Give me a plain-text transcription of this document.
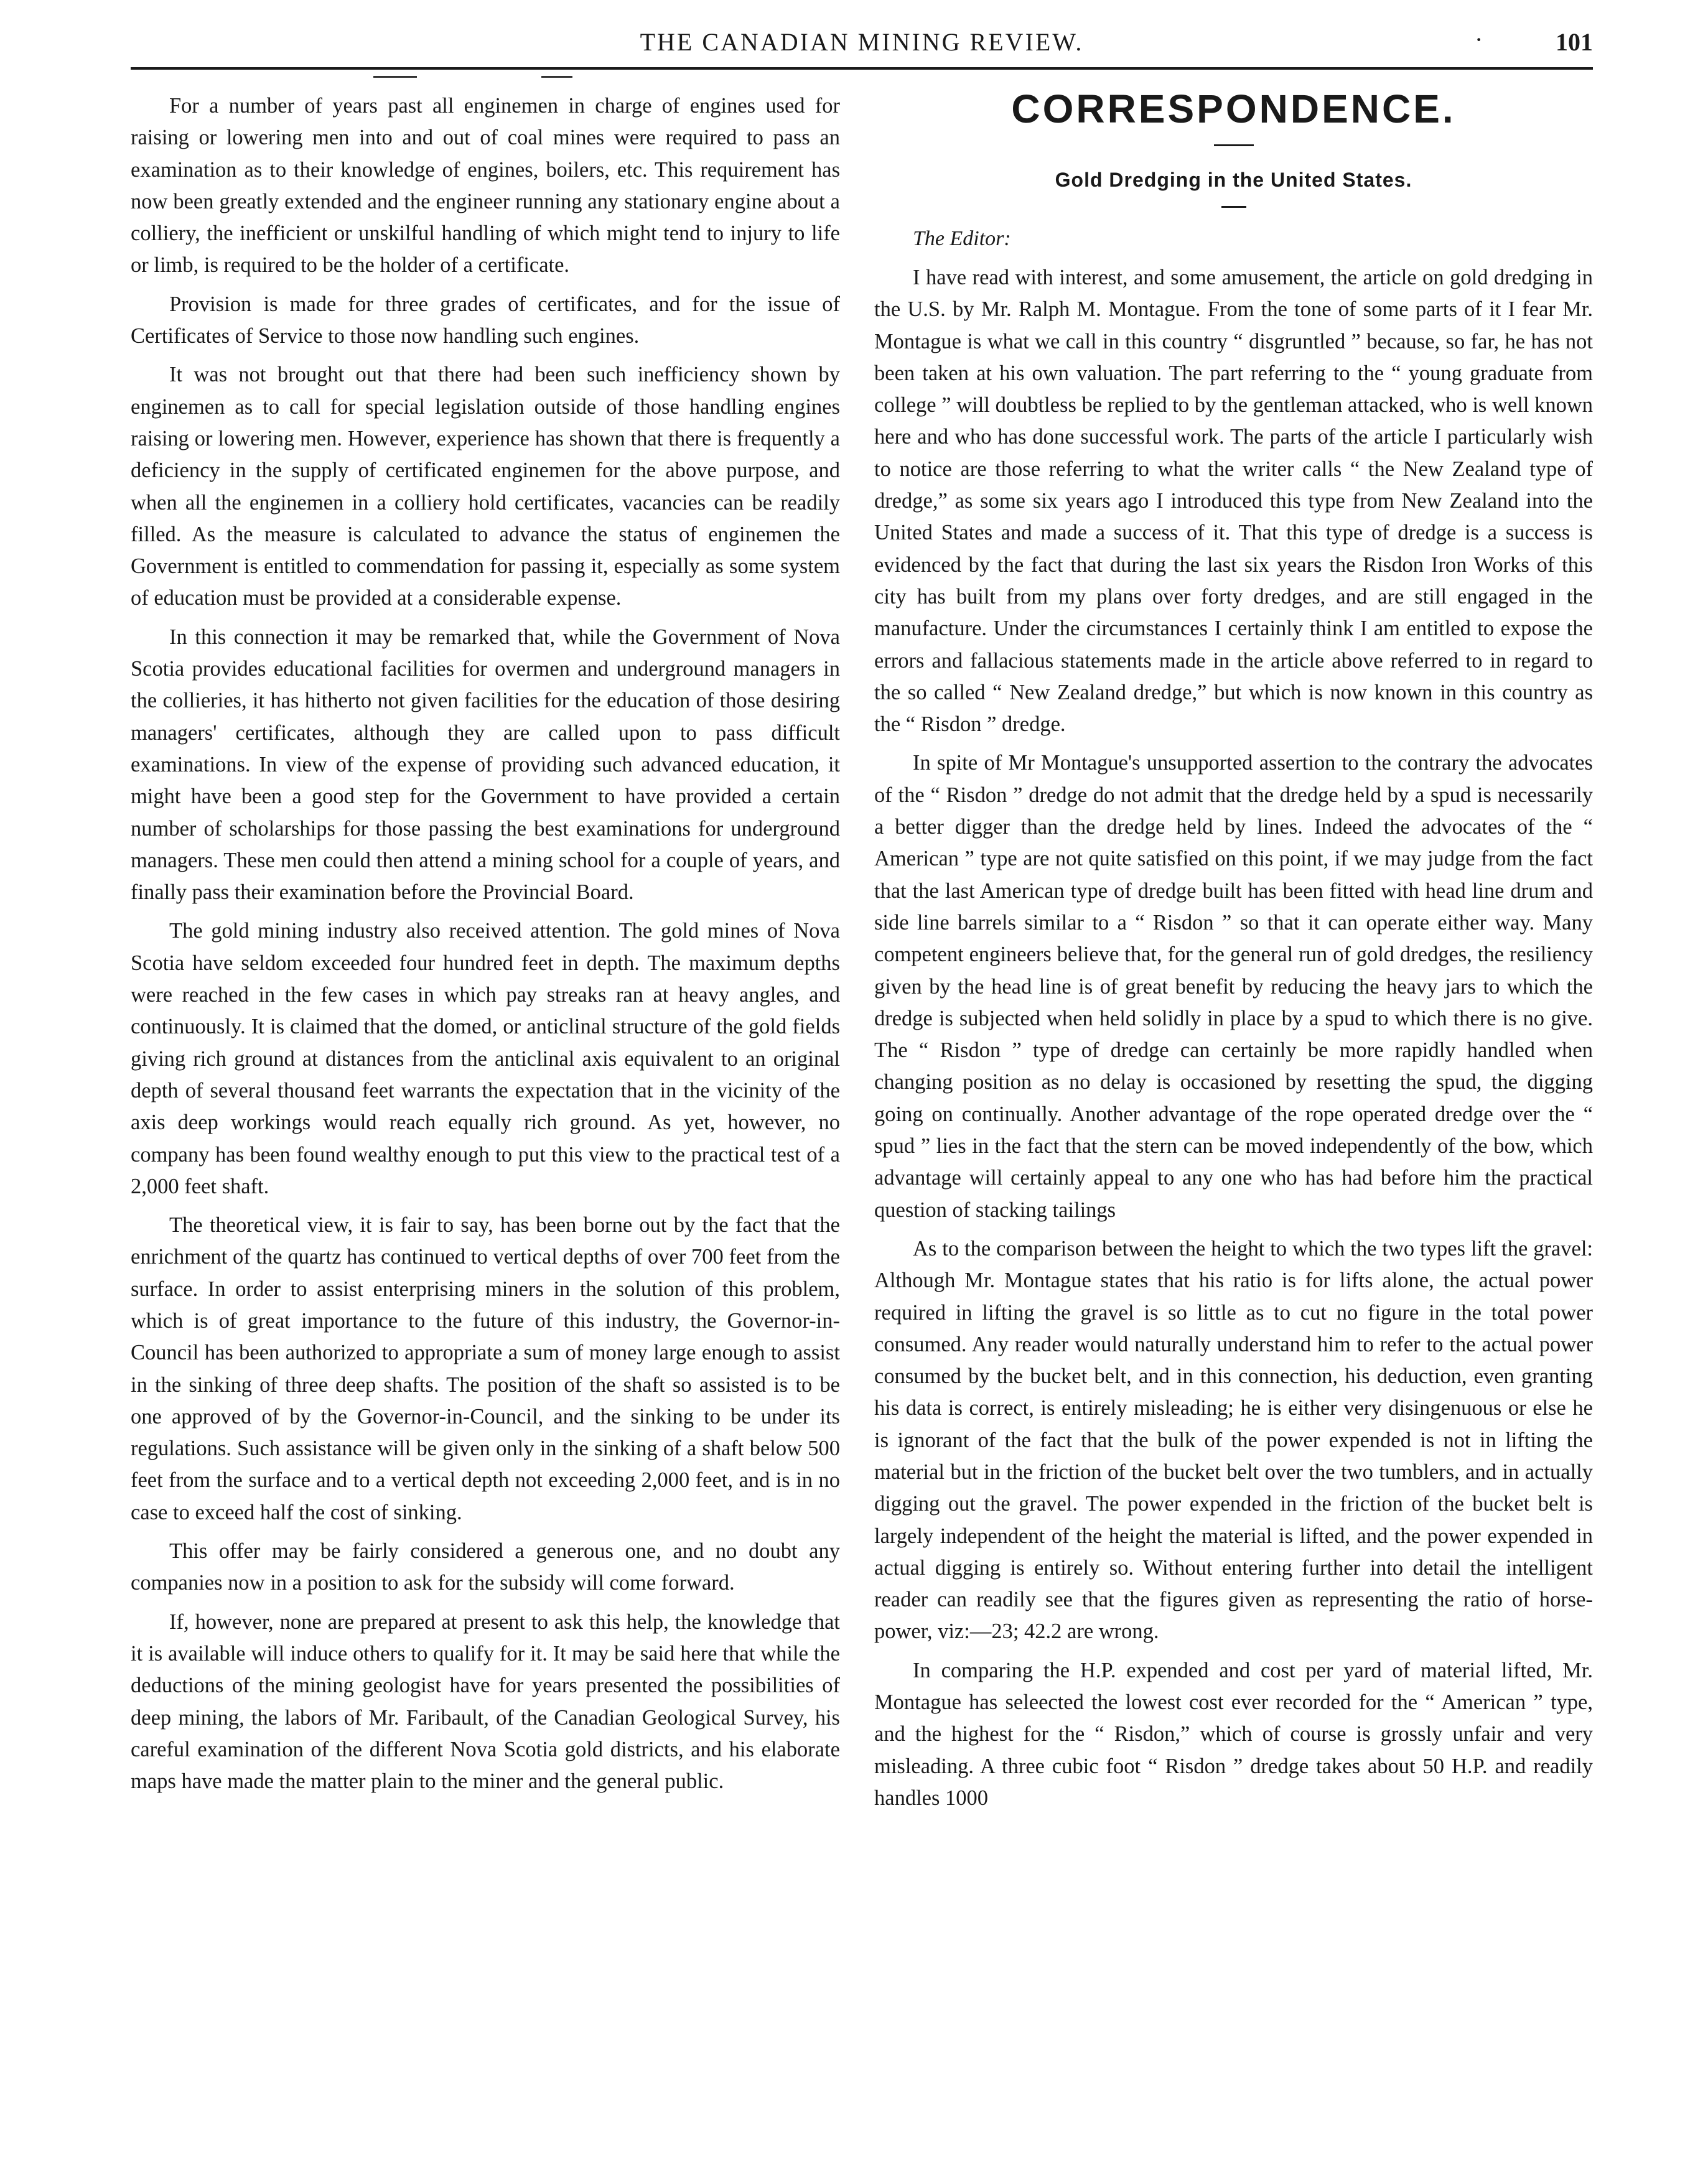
THE CANADIAN MINING REVIEW.	·	101

For a number of years past all enginemen in charge of engines used for raising or lowering men into and out of coal mines were required to pass an examination as to their knowledge of engines, boilers, etc. This requirement has now been greatly extended and the engineer running any stationary engine about a colliery, the inefficient or unskilful handling of which might tend to injury to life or limb, is required to be the holder of a certificate.

Provision is made for three grades of certificates, and for the issue of Certificates of Service to those now handling such engines.

It was not brought out that there had been such inefficiency shown by enginemen as to call for special legislation outside of those handling engines raising or lowering men. However, experience has shown that there is frequently a deficiency in the supply of certificated enginemen for the above purpose, and when all the enginemen in a colliery hold certificates, vacancies can be readily filled. As the measure is calculated to advance the status of enginemen the Government is entitled to commendation for passing it, especially as some system of education must be provided at a considerable expense.

In this connection it may be remarked that, while the Government of Nova Scotia provides educational facilities for overmen and underground managers in the collieries, it has hitherto not given facilities for the education of those desiring managers' certificates, although they are called upon to pass difficult examinations. In view of the expense of providing such advanced education, it might have been a good step for the Government to have provided a certain number of scholarships for those passing the best examinations for underground managers. These men could then attend a mining school for a couple of years, and finally pass their examination before the Provincial Board.

The gold mining industry also received attention. The gold mines of Nova Scotia have seldom exceeded four hundred feet in depth. The maximum depths were reached in the few cases in which pay streaks ran at heavy angles, and continuously. It is claimed that the domed, or anticlinal structure of the gold fields giving rich ground at distances from the anticlinal axis equivalent to an original depth of several thousand feet warrants the expectation that in the vicinity of the axis deep workings would reach equally rich ground. As yet, however, no company has been found wealthy enough to put this view to the practical test of a 2,000 feet shaft.

The theoretical view, it is fair to say, has been borne out by the fact that the enrichment of the quartz has continued to vertical depths of over 700 feet from the surface. In order to assist enterprising miners in the solution of this problem, which is of great importance to the future of this industry, the Governor-in-Council has been authorized to appropriate a sum of money large enough to assist in the sinking of three deep shafts. The position of the shaft so assisted is to be one approved of by the Governor-in-Council, and the sinking to be under its regulations. Such assistance will be given only in the sinking of a shaft below 500 feet from the surface and to a vertical depth not exceeding 2,000 feet, and is in no case to exceed half the cost of sinking.

This offer may be fairly considered a generous one, and no doubt any companies now in a position to ask for the subsidy will come forward.

If, however, none are prepared at present to ask this help, the knowledge that it is available will induce others to qualify for it. It may be said here that while the deductions of the mining geologist have for years presented the possibilities of deep mining, the labors of Mr. Faribault, of the Canadian Geological Survey, his careful examination of the different Nova Scotia gold districts, and his elaborate maps have made the matter plain to the miner and the general public.

CORRESPONDENCE.
Gold Dredging in the United States.

The Editor:

I have read with interest, and some amusement, the article on gold dredging in the U.S. by Mr. Ralph M. Montague. From the tone of some parts of it I fear Mr. Montague is what we call in this country “ disgruntled ” because, so far, he has not been taken at his own valuation. The part referring to the “ young graduate from college ” will doubtless be replied to by the gentleman attacked, who is well known here and who has done successful work. The parts of the article I particularly wish to notice are those referring to what the writer calls “ the New Zealand type of dredge,” as some six years ago I introduced this type from New Zealand into the United States and made a success of it. That this type of dredge is a success is evidenced by the fact that during the last six years the Risdon Iron Works of this city has built from my plans over forty dredges, and are still engaged in the manufacture. Under the circumstances I certainly think I am entitled to expose the errors and fallacious statements made in the article above referred to in regard to the so called “ New Zealand dredge,” but which is now known in this country as the “ Risdon ” dredge.

In spite of Mr Montague's unsupported assertion to the contrary the advocates of the “ Risdon ” dredge do not admit that the dredge held by a spud is necessarily a better digger than the dredge held by lines. Indeed the advocates of the “ American ” type are not quite satisfied on this point, if we may judge from the fact that the last American type of dredge built has been fitted with head line drum and side line barrels similar to a “ Risdon ” so that it can operate either way. Many competent engineers believe that, for the general run of gold dredges, the resiliency given by the head line is of great benefit by reducing the heavy jars to which the dredge is subjected when held solidly in place by a spud to which there is no give. The “ Risdon ” type of dredge can certainly be more rapidly handled when changing position as no delay is occasioned by resetting the spud, the digging going on continually. Another advantage of the rope operated dredge over the “ spud ” lies in the fact that the stern can be moved independently of the bow, which advantage will certainly appeal to any one who has had before him the practical question of stacking tailings

As to the comparison between the height to which the two types lift the gravel: Although Mr. Montague states that his ratio is for lifts alone, the actual power required in lifting the gravel is so little as to cut no figure in the total power consumed. Any reader would naturally understand him to refer to the actual power consumed by the bucket belt, and in this connection, his deduction, even granting his data is correct, is entirely misleading; he is either very disingenuous or else he is ignorant of the fact that the bulk of the power expended is not in lifting the material but in the friction of the bucket belt over the two tumblers, and in actually digging out the gravel. The power expended in the friction of the bucket belt is largely independent of the height the material is lifted, and the power expended in actual digging is entirely so. Without entering further into detail the intelligent reader can readily see that the figures given as representing the ratio of horse-power, viz:—23; 42.2 are wrong.

In comparing the H.P. expended and cost per yard of material lifted, Mr. Montague has seleected the lowest cost ever recorded for the “ American ” type, and the highest for the “ Risdon,” which of course is grossly unfair and very misleading. A three cubic foot “ Risdon ” dredge takes about 50 H.P. and readily handles 1000
